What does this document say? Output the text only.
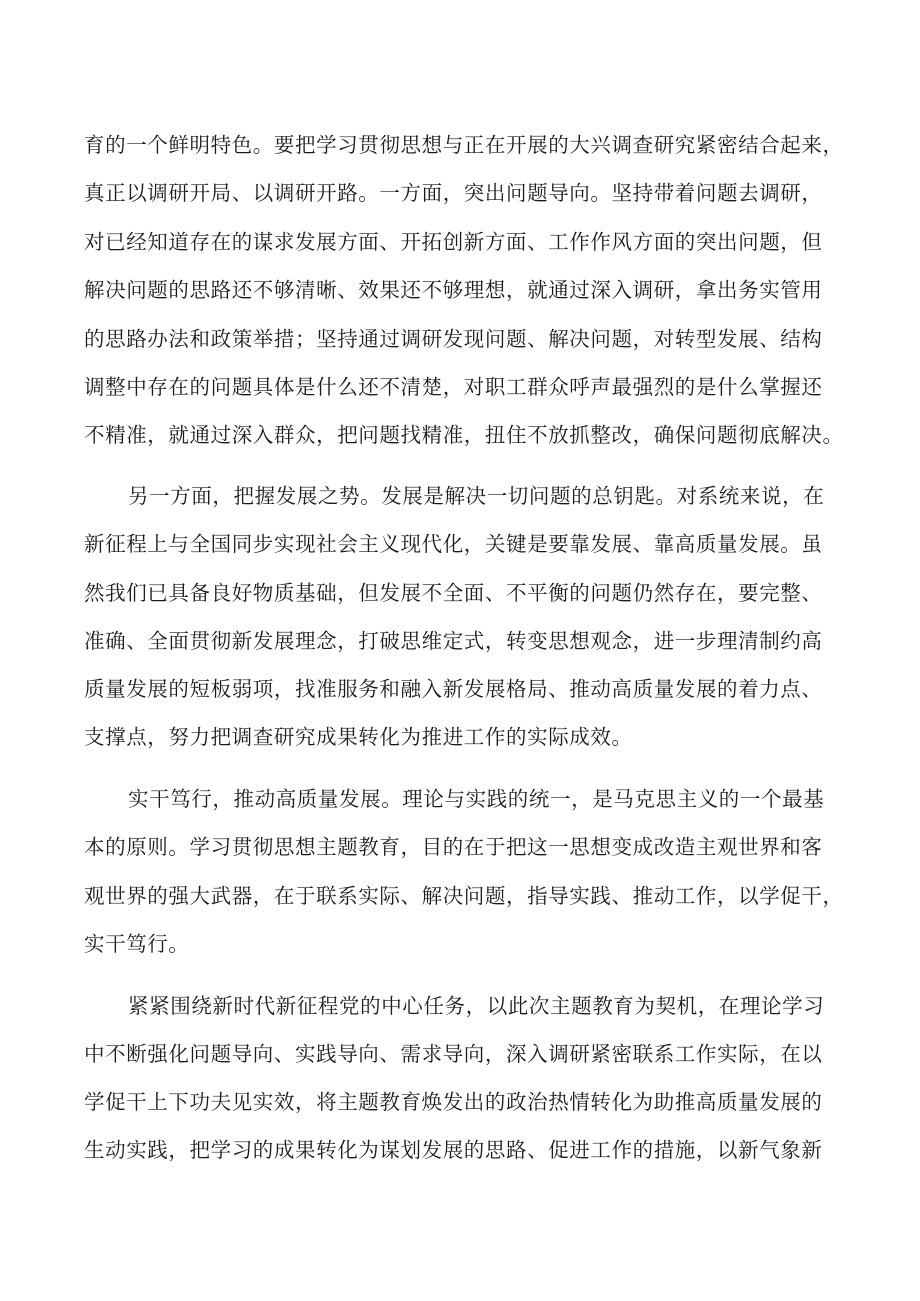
育的一个鲜明特色。要把学习贯彻思想与正在开展的大兴调查研究紧密结合起来，
真正以调研开局、以调研开路。一方面，突出问题导向。坚持带着问题去调研，
对已经知道存在的谋求发展方面、开拓创新方面、工作作风方面的突出问题，但
解决问题的思路还不够清晰、效果还不够理想，就通过深入调研，拿出务实管用
的思路办法和政策举措；坚持通过调研发现问题、解决问题，对转型发展、结构
调整中存在的问题具体是什么还不清楚，对职工群众呼声最强烈的是什么掌握还
不精准，就通过深入群众，把问题找精准，扭住不放抓整改，确保问题彻底解决。
另一方面，把握发展之势。发展是解决一切问题的总钥匙。对系统来说，在
新征程上与全国同步实现社会主义现代化，关键是要靠发展、靠高质量发展。虽
然我们已具备良好物质基础，但发展不全面、不平衡的问题仍然存在，要完整、
准确、全面贯彻新发展理念，打破思维定式，转变思想观念，进一步理清制约高
质量发展的短板弱项，找准服务和融入新发展格局、推动高质量发展的着力点、
支撑点，努力把调查研究成果转化为推进工作的实际成效。
实干笃行，推动高质量发展。理论与实践的统一，是马克思主义的一个最基
本的原则。学习贯彻思想主题教育，目的在于把这一思想变成改造主观世界和客
观世界的强大武器，在于联系实际、解决问题，指导实践、推动工作，以学促干，
实干笃行。
紧紧围绕新时代新征程党的中心任务，以此次主题教育为契机，在理论学习
中不断强化问题导向、实践导向、需求导向，深入调研紧密联系工作实际，在以
学促干上下功夫见实效，将主题教育焕发出的政治热情转化为助推高质量发展的
生动实践，把学习的成果转化为谋划发展的思路、促进工作的措施，以新气象新
